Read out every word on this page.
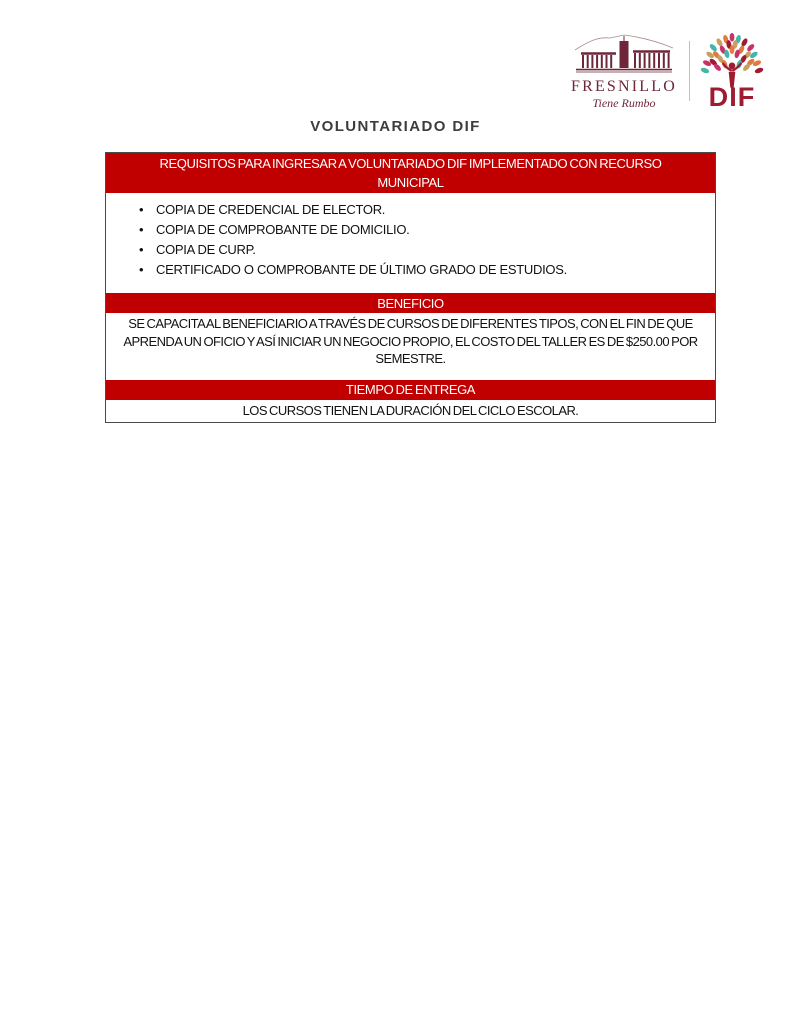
FRESNILLO
Tiene Rumbo	DIF
VOLUNTARIADO DIF
REQUISITOS PARA INGRESAR A VOLUNTARIADO DIF IMPLEMENTADO CON RECURSO MUNICIPAL
• COPIA DE CREDENCIAL DE ELECTOR.
• COPIA DE COMPROBANTE DE DOMICILIO.
• COPIA DE CURP.
• CERTIFICADO O COMPROBANTE DE ÚLTIMO GRADO DE ESTUDIOS.
BENEFICIO
SE CAPACITA AL BENEFICIARIO A TRAVÉS DE CURSOS DE DIFERENTES TIPOS, CON EL FIN DE QUE APRENDA UN OFICIO Y ASÍ INICIAR UN NEGOCIO PROPIO, EL COSTO DEL TALLER ES DE $250.00 POR SEMESTRE.
TIEMPO DE ENTREGA
LOS CURSOS TIENEN LA DURACIÓN DEL CICLO ESCOLAR.
